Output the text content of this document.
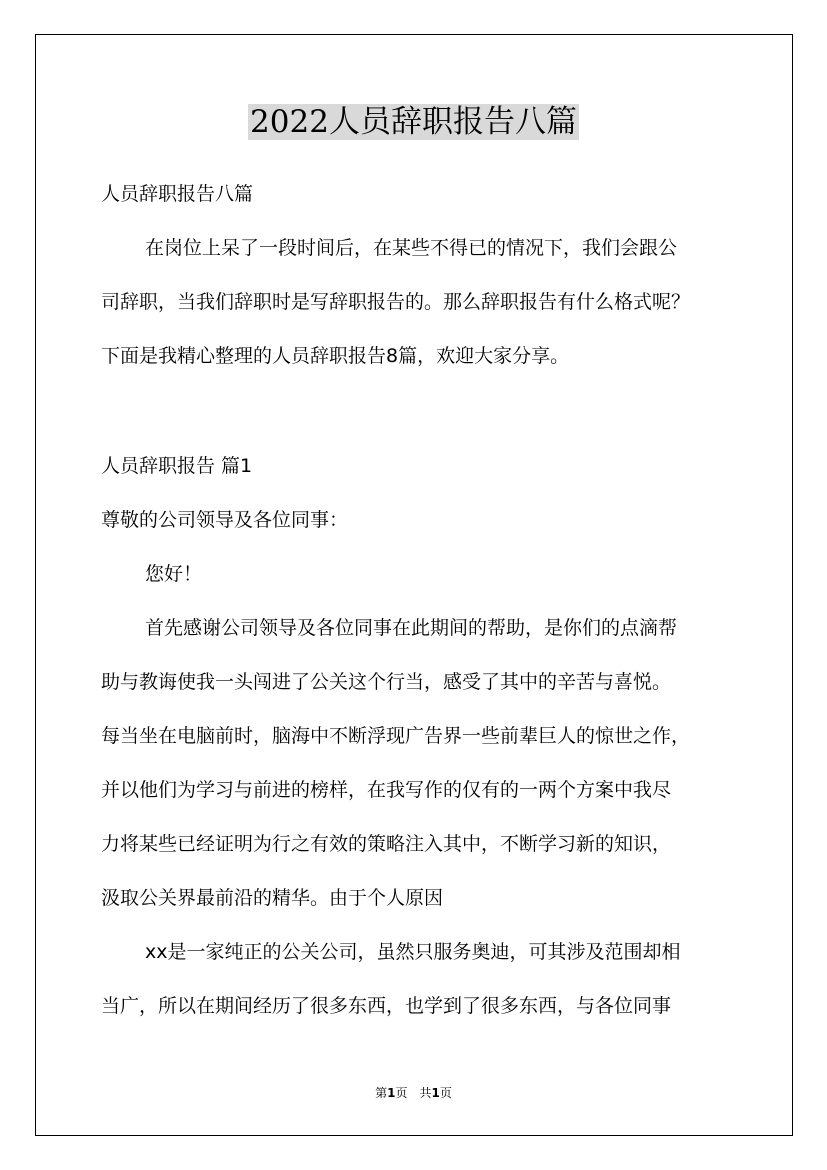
2022人员辞职报告八篇
人员辞职报告八篇
在岗位上呆了一段时间后，在某些不得已的情况下，我们会跟公
司辞职，当我们辞职时是写辞职报告的。那么辞职报告有什么格式呢？
下面是我精心整理的人员辞职报告8篇，欢迎大家分享。
人员辞职报告 篇1
尊敬的公司领导及各位同事：
您好！
首先感谢公司领导及各位同事在此期间的帮助，是你们的点滴帮
助与教诲使我一头闯进了公关这个行当，感受了其中的辛苦与喜悦。
每当坐在电脑前时，脑海中不断浮现广告界一些前辈巨人的惊世之作，
并以他们为学习与前进的榜样，在我写作的仅有的一两个方案中我尽
力将某些已经证明为行之有效的策略注入其中，不断学习新的知识，
汲取公关界最前沿的精华。由于个人原因
xx是一家纯正的公关公司，虽然只服务奥迪，可其涉及范围却相
当广，所以在期间经历了很多东西，也学到了很多东西，与各位同事
第1页　共1页
